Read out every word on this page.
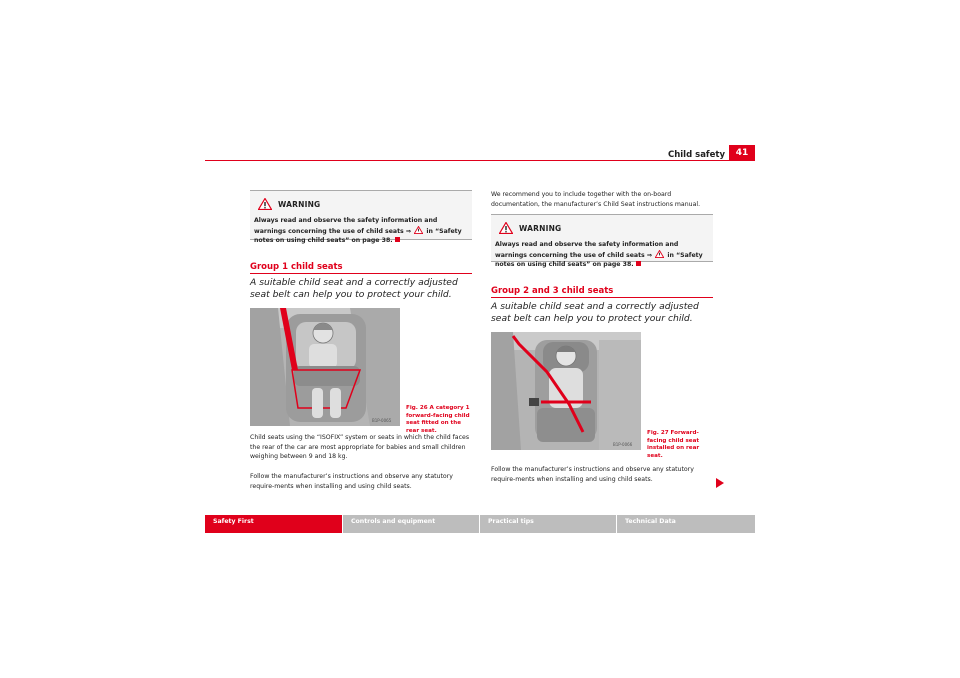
Child safety	41
WARNING
Always read and observe the safety information and warnings concerning the use of child seats ⇒ in “Safety notes on using child seats” on page 38.
Group 1 child seats
A suitable child seat and a correctly adjusted seat belt can help you to protect your child.
B1P-0065
Fig. 26 A category 1 forward-facing child seat fitted on the rear seat.
Child seats using the “ISOFIX” system or seats in which the child faces the rear of the car are most appropriate for babies and small children weighing between 9 and 18 kg.
Follow the manufacturer’s instructions and observe any statutory require-ments when installing and using child seats.
We recommend you to include together with the on-board documentation, the manufacturer’s Child Seat instructions manual.
WARNING
Always read and observe the safety information and warnings concerning the use of child seats ⇒ in “Safety notes on using child seats” on page 38.
Group 2 and 3 child seats
A suitable child seat and a correctly adjusted seat belt can help you to protect your child.
B1P-0066
Fig. 27 Forward-facing child seat installed on rear seat.
Follow the manufacturer’s instructions and observe any statutory require-ments when installing and using child seats.
Safety First	Controls and equipment	Practical tips	Technical Data
